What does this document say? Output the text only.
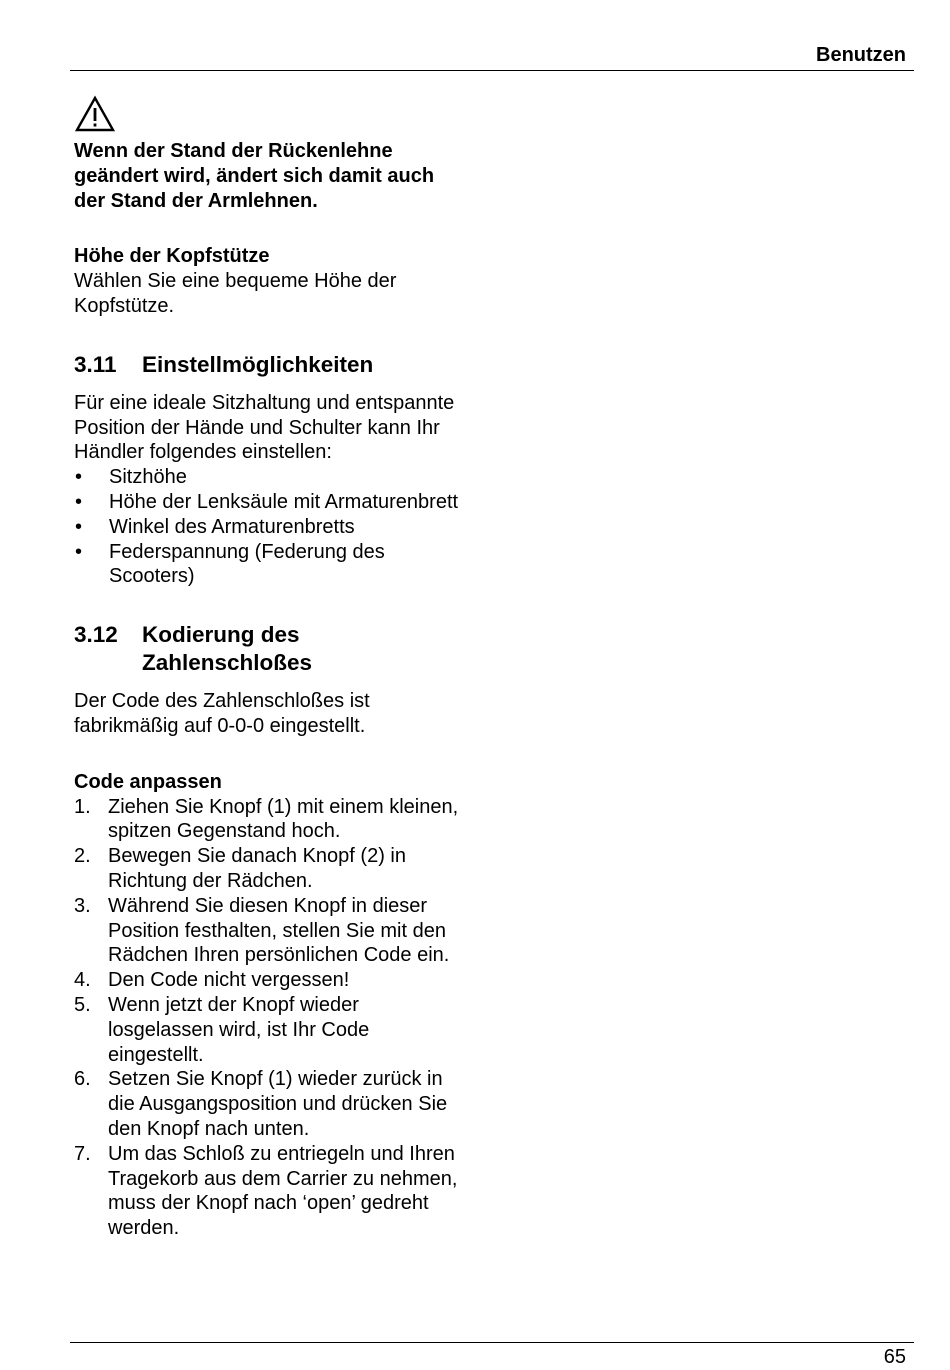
Benutzen

Wenn der Stand der Rückenlehne geändert wird, ändert sich damit auch der Stand der Armlehnen.

Höhe der Kopfstütze

Wählen Sie eine bequeme Höhe der Kopfstütze.

3.11	Einstellmöglichkeiten

Für eine ideale Sitzhaltung und entspannte Position der Hände und Schulter kann Ihr Händler folgendes einstellen:

•	Sitzhöhe
•	Höhe der Lenksäule mit Armaturenbrett
•	Winkel des Armaturenbretts
•	Federspannung (Federung des Scooters)
3.12	Kodierung des Zahlenschloßes

Der Code des Zahlenschloßes ist fabrikmäßig auf 0-0-0 eingestellt.

Code anpassen

1. Ziehen Sie Knopf (1) mit einem kleinen, spitzen Gegenstand hoch.
2. Bewegen Sie danach Knopf (2) in Richtung der Rädchen.
3. Während Sie diesen Knopf in dieser Position festhalten, stellen Sie mit den Rädchen Ihren persönlichen Code ein.
4. Den Code nicht vergessen!
5. Wenn jetzt der Knopf wieder losgelassen wird, ist Ihr Code eingestellt.
6. Setzen Sie Knopf (1) wieder zurück in die Ausgangsposition und drücken Sie den Knopf nach unten.
7. Um das Schloß zu entriegeln und Ihren Tragekorb aus dem Carrier zu nehmen, muss der Knopf nach ‘open’ gedreht werden.
65
